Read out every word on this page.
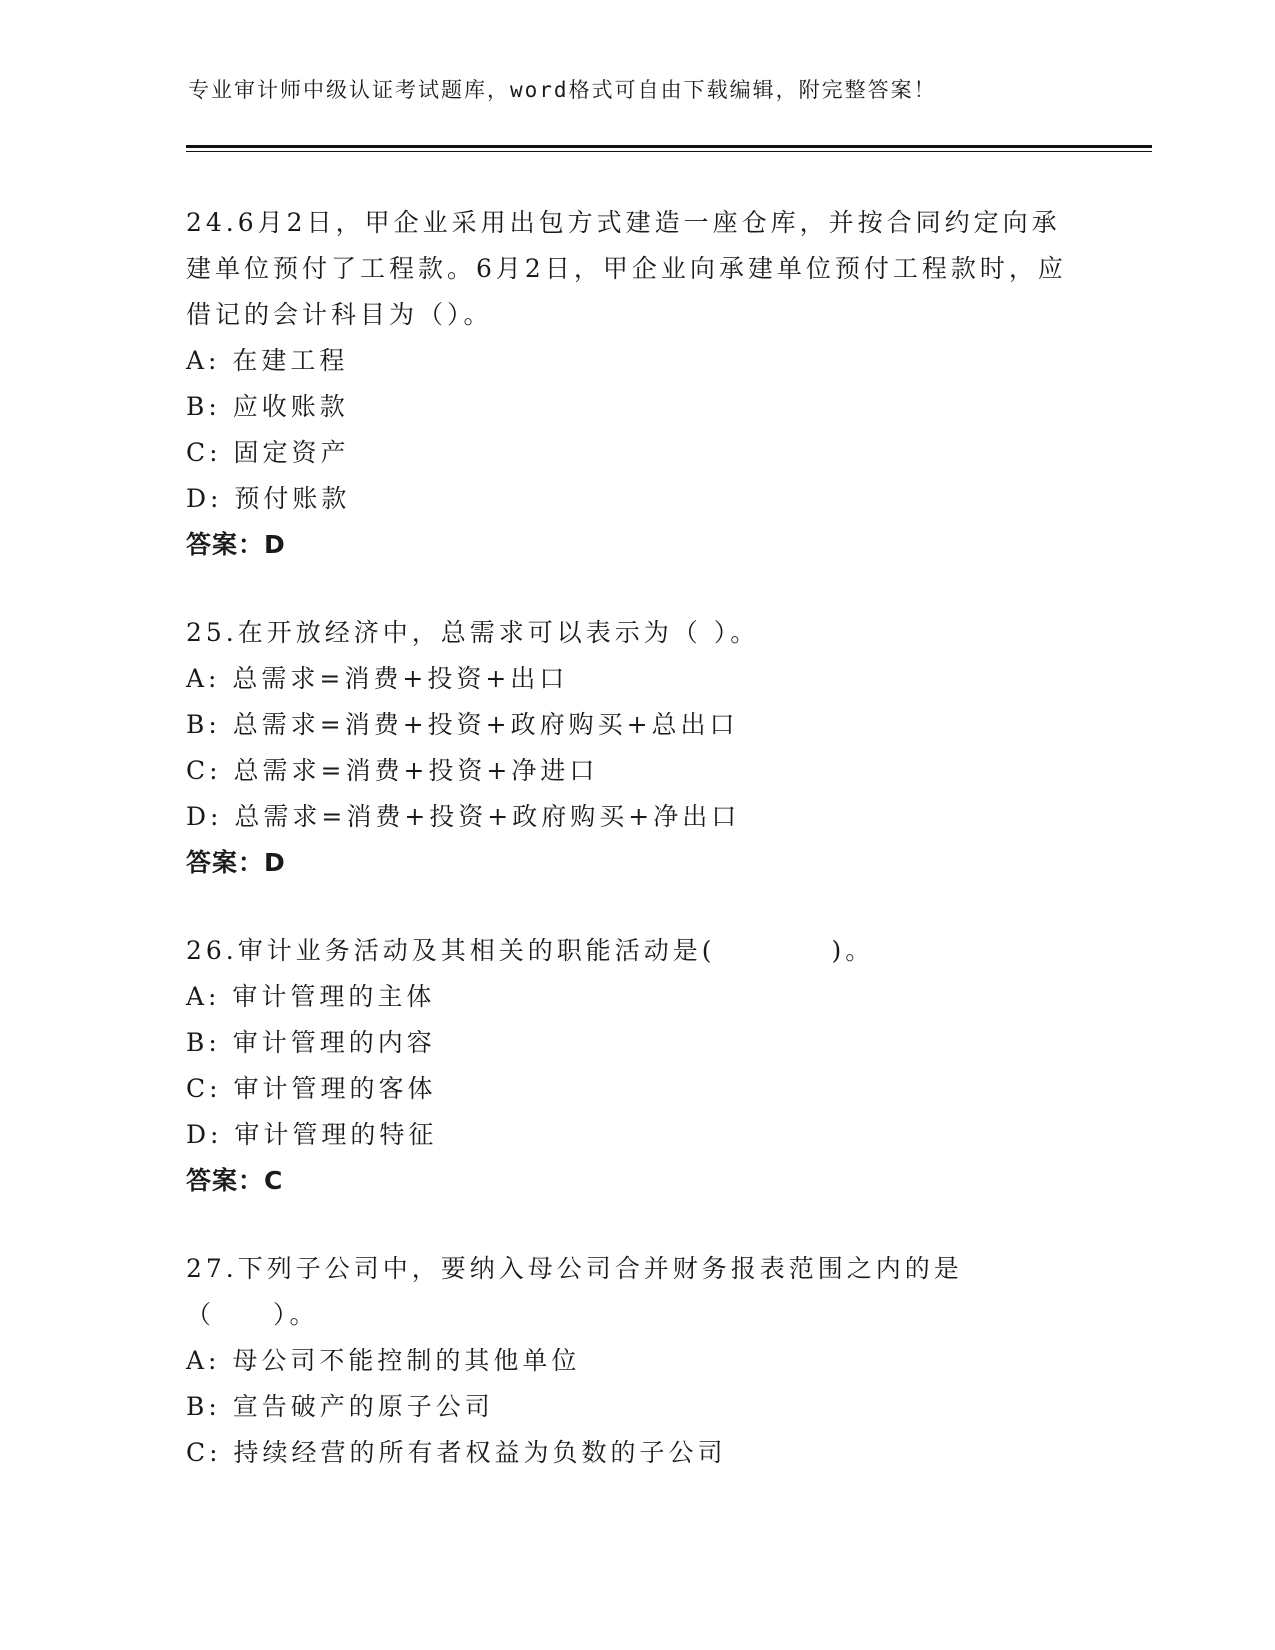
专业审计师中级认证考试题库，word格式可自由下载编辑，附完整答案！

24.6月2日，甲企业采用出包方式建造一座仓库，并按合同约定向承建单位预付了工程款。6月2日，甲企业向承建单位预付工程款时，应借记的会计科目为（）。

A: 在建工程

B: 应收账款

C: 固定资产

D: 预付账款

答案：D

25.在开放经济中，总需求可以表示为（ ）。

A: 总需求=消费+投资+出口

B: 总需求=消费+投资+政府购买+总出口

C: 总需求=消费+投资+净进口

D: 总需求=消费+投资+政府购买+净出口

答案：D

26.审计业务活动及其相关的职能活动是(　　　　)。

A: 审计管理的主体

B: 审计管理的内容

C: 审计管理的客体

D: 审计管理的特征

答案：C

27.下列子公司中，要纳入母公司合并财务报表范围之内的是（　　）。

A: 母公司不能控制的其他单位

B: 宣告破产的原子公司

C: 持续经营的所有者权益为负数的子公司
